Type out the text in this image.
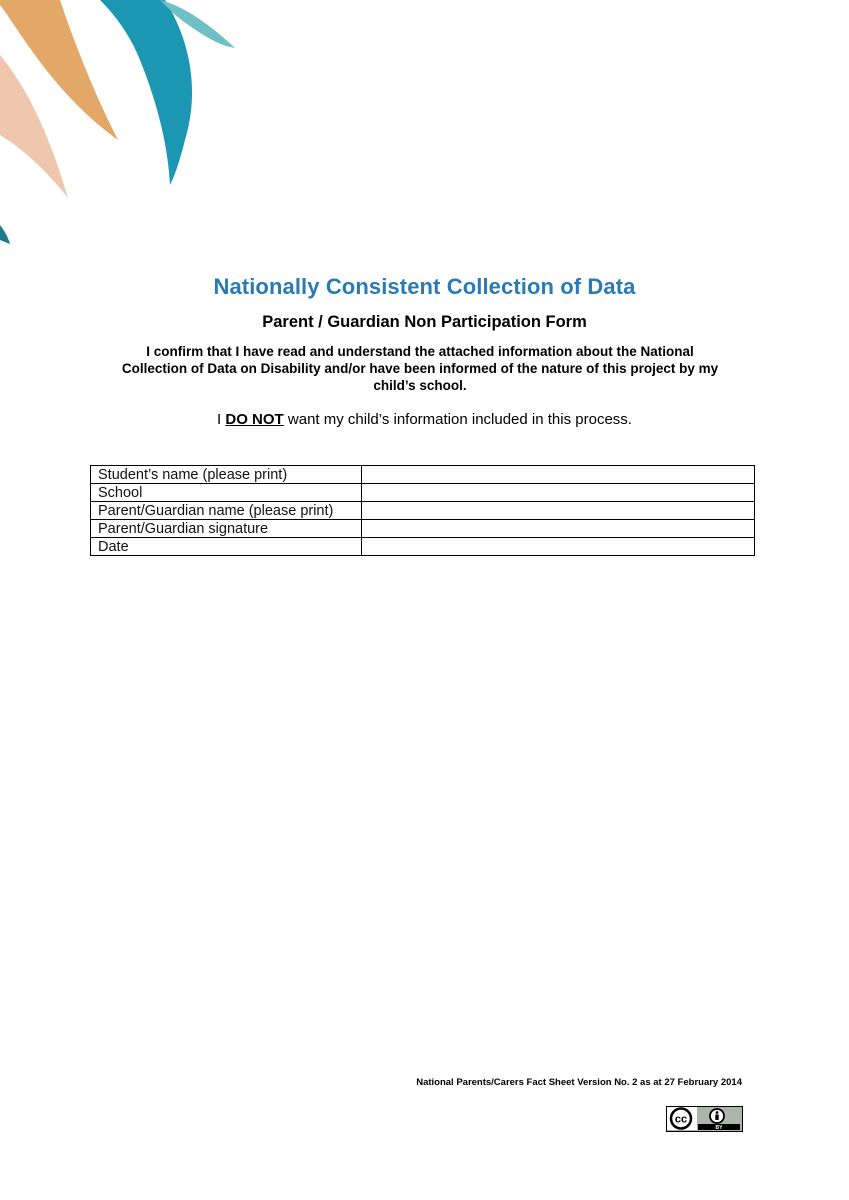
Nationally Consistent Collection of Data
Parent / Guardian Non Participation Form
I confirm that I have read and understand the attached information about the National
Collection of Data on Disability and/or have been informed of the nature of this project by my
child’s school.
I DO NOT want my child’s information included in this process.
Student’s name (please print)	
School	
Parent/Guardian name (please print)	
Parent/Guardian signature	
Date	
National Parents/Carers Fact Sheet Version No. 2 as at 27 February 2014
cc
BY
